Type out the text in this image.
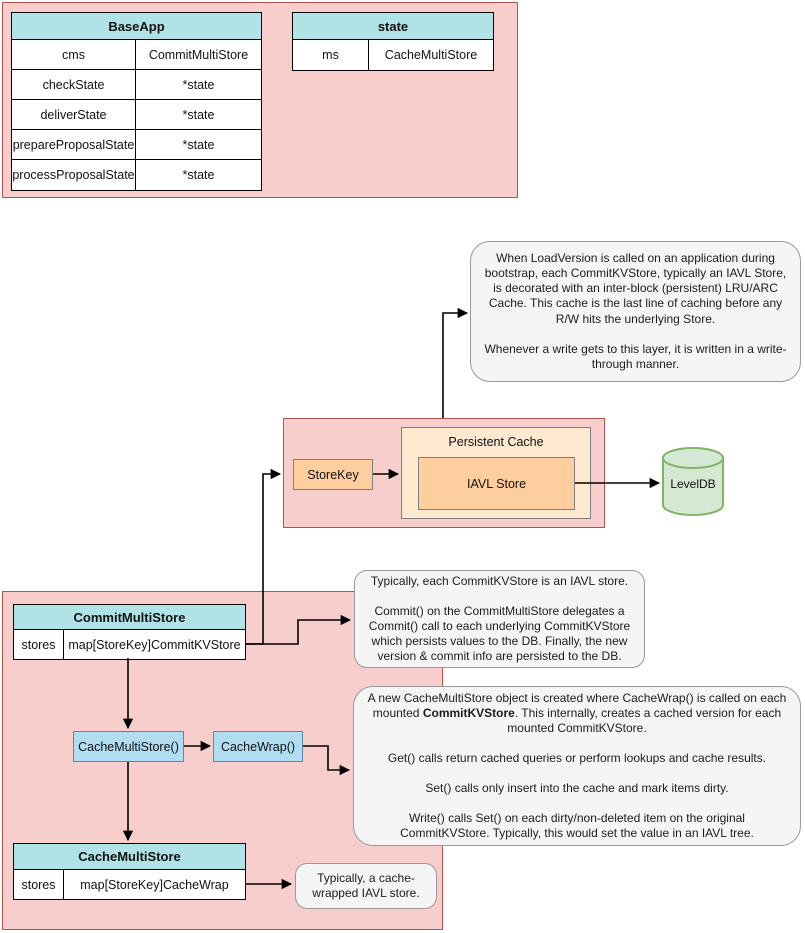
BaseApp
cms	CommitMultiStore
checkState	*state
deliverState	*state
prepareProposalState	*state
processProposalState	*state
state
ms	CacheMultiStore
StoreKey
Persistent Cache
IAVL Store	LevelDB
CommitMultiStore
stores	map[StoreKey]CommitKVStore
CacheMultiStore()	CacheWrap()
CacheMultiStore
stores	map[StoreKey]CacheWrap
When LoadVersion is called on an application during bootstrap, each CommitKVStore, typically an IAVL Store, is decorated with an inter-block (persistent) LRU/ARC Cache. This cache is the last line of caching before any R/W hits the underlying Store.
Whenever a write gets to this layer, it is written in a write-through manner.
Typically, each CommitKVStore is an IAVL store.
Commit() on the CommitMultiStore delegates a Commit() call to each underlying CommitKVStore which persists values to the DB. Finally, the new version & commit info are persisted to the DB.
A new CacheMultiStore object is created where CacheWrap() is called on each mounted CommitKVStore. This internally, creates a cached version for each mounted CommitKVStore.
Get() calls return cached queries or perform lookups and cache results.
Set() calls only insert into the cache and mark items dirty.
Write() calls Set() on each dirty/non-deleted item on the original CommitKVStore. Typically, this would set the value in an IAVL tree.
Typically, a cache-wrapped IAVL store.
